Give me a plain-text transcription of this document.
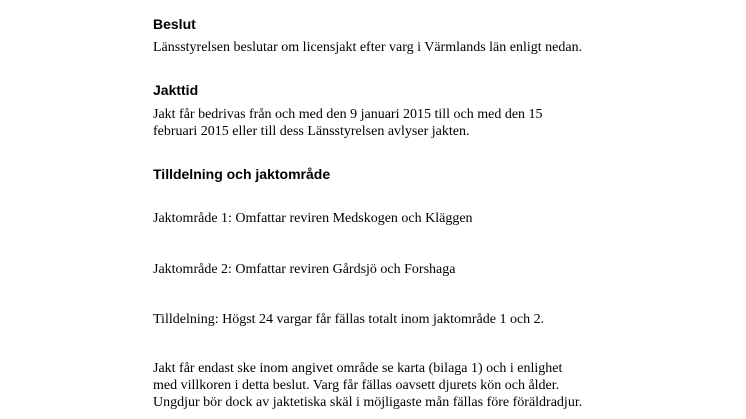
Beslut

Länsstyrelsen beslutar om licensjakt efter varg i Värmlands län enligt nedan.

Jakttid

Jakt får bedrivas från och med den 9 januari 2015 till och med den 15
februari 2015 eller till dess Länsstyrelsen avlyser jakten.

Tilldelning och jaktområde

Jaktområde 1: Omfattar reviren Medskogen och Kläggen

Jaktområde 2: Omfattar reviren Gårdsjö och Forshaga

Tilldelning: Högst 24 vargar får fällas totalt inom jaktområde 1 och 2.

Jakt får endast ske inom angivet område se karta (bilaga 1) och i enlighet
med villkoren i detta beslut. Varg får fällas oavsett djurets kön och ålder.
Ungdjur bör dock av jaktetiska skäl i möjligaste mån fällas före föräldradjur.
